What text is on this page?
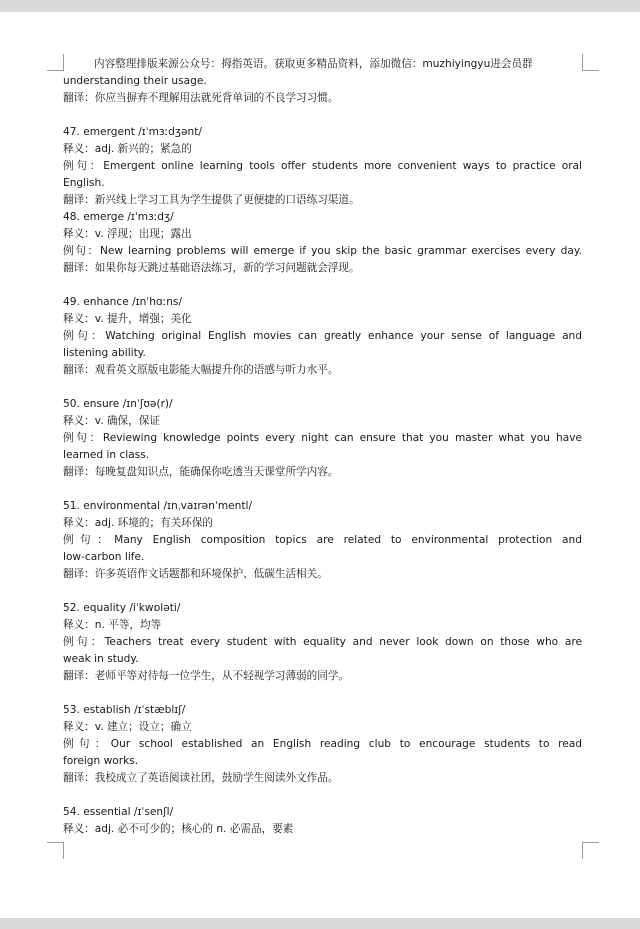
内容整理排版来源公众号：拇指英语。获取更多精品资料，添加微信：muzhiyingyu进会员群
understanding their usage.
翻译：你应当摒弃不理解用法就死背单词的不良学习习惯。
47. emergent /ɪˈmɜːdʒənt/
释义：adj. 新兴的；紧急的
例句：Emergent online learning tools offer students more convenient ways to practice oral
English.
翻译：新兴线上学习工具为学生提供了更便捷的口语练习渠道。
48. emerge /ɪˈmɜːdʒ/
释义：v. 浮现；出现；露出
例句：New learning problems will emerge if you skip the basic grammar exercises every day.
翻译：如果你每天跳过基础语法练习，新的学习问题就会浮现。
49. enhance /ɪnˈhɑːns/
释义：v. 提升，增强；美化
例句：Watching original English movies can greatly enhance your sense of language and
listening ability.
翻译：观看英文原版电影能大幅提升你的语感与听力水平。
50. ensure /ɪnˈʃʊə(r)/
释义：v. 确保，保证
例句：Reviewing knowledge points every night can ensure that you master what you have
learned in class.
翻译：每晚复盘知识点，能确保你吃透当天课堂所学内容。
51. environmental /ɪnˌvaɪrənˈmentl/
释义：adj. 环境的；有关环保的
例句：Many English composition topics are related to environmental protection and
low-carbon life.
翻译：许多英语作文话题都和环境保护、低碳生活相关。
52. equality /iˈkwɒləti/
释义：n. 平等，均等
例句：Teachers treat every student with equality and never look down on those who are
weak in study.
翻译：老师平等对待每一位学生，从不轻视学习薄弱的同学。
53. establish /ɪˈstæblɪʃ/
释义：v. 建立；设立；确立
例句：Our school established an English reading club to encourage students to read
foreign works.
翻译：我校成立了英语阅读社团，鼓励学生阅读外文作品。
54. essential /ɪˈsenʃl/
释义：adj. 必不可少的；核心的 n. 必需品，要素
